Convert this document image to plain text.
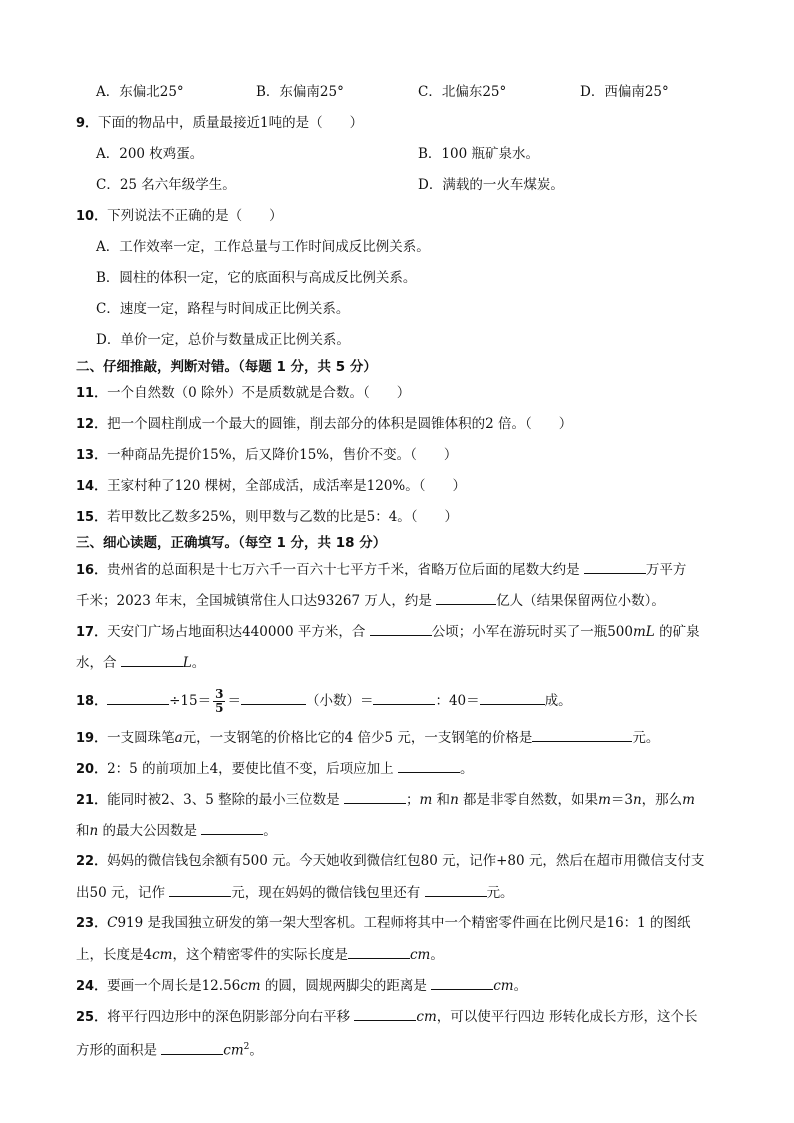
A．东偏北25°	B．东偏南25°	C．北偏东25°	D．西偏南25°
9．下面的物品中，质量最接近1吨的是（　　）
A．200 枚鸡蛋。	B．100 瓶矿泉水。
C．25 名六年级学生。	D．满载的一火车煤炭。
10．下列说法不正确的是（　　）
A．工作效率一定，工作总量与工作时间成反比例关系。
B．圆柱的体积一定，它的底面积与高成反比例关系。
C．速度一定，路程与时间成正比例关系。
D．单价一定，总价与数量成正比例关系。
二、仔细推敲，判断对错。（每题 1 分，共 5 分）
11．一个自然数（0 除外）不是质数就是合数。（　　）
12．把一个圆柱削成一个最大的圆锥，削去部分的体积是圆锥体积的2 倍。（　　）
13．一种商品先提价15%，后又降价15%，售价不变。（　　）
14．王家村种了120 棵树，全部成活，成活率是120%。（　　）
15．若甲数比乙数多25%，则甲数与乙数的比是5：4。（　　）
三、细心读题，正确填写。（每空 1 分，共 18 分）
16．贵州省的总面积是十七万六千一百六十七平方千米，省略万位后面的尾数大约是	万平方
千米；2023 年末，全国城镇常住人口达93267 万人，约是	亿人（结果保留两位小数）。
17．天安门广场占地面积达440000 平方米，合	公顷；小军在游玩时买了一瓶500mL 的矿泉
水，合	L。
18．	$\div 15= \frac{3}{5}$ ＝	（小数）＝	：40＝	成。
19．一支圆珠笔a元，一支钢笔的价格比它的4 倍少5 元，一支钢笔的价格是	元。
20．2：5 的前项加上4，要使比值不变，后项应加上	。
21．能同时被2、3、5 整除的最小三位数是	；m 和n 都是非零自然数，如果m＝3n，那么m
和n 的最大公因数是	。
22．妈妈的微信钱包余额有500 元。今天她收到微信红包80 元，记作+80 元，然后在超市用微信支付支
出50 元，记作	元，现在妈妈的微信钱包里还有	元。
23．C919 是我国独立研发的第一架大型客机。工程师将其中一个精密零件画在比例尺是16：1 的图纸
上，长度是4cm，这个精密零件的实际长度是	cm。
24．要画一个周长是12.56cm 的圆，圆规两脚尖的距离是	cm。
25．将平行四边形中的深色阴影部分向右平移	cm，可以使平行四边 形转化成长方形，这个长
方形的面积是	$cm^2$。
